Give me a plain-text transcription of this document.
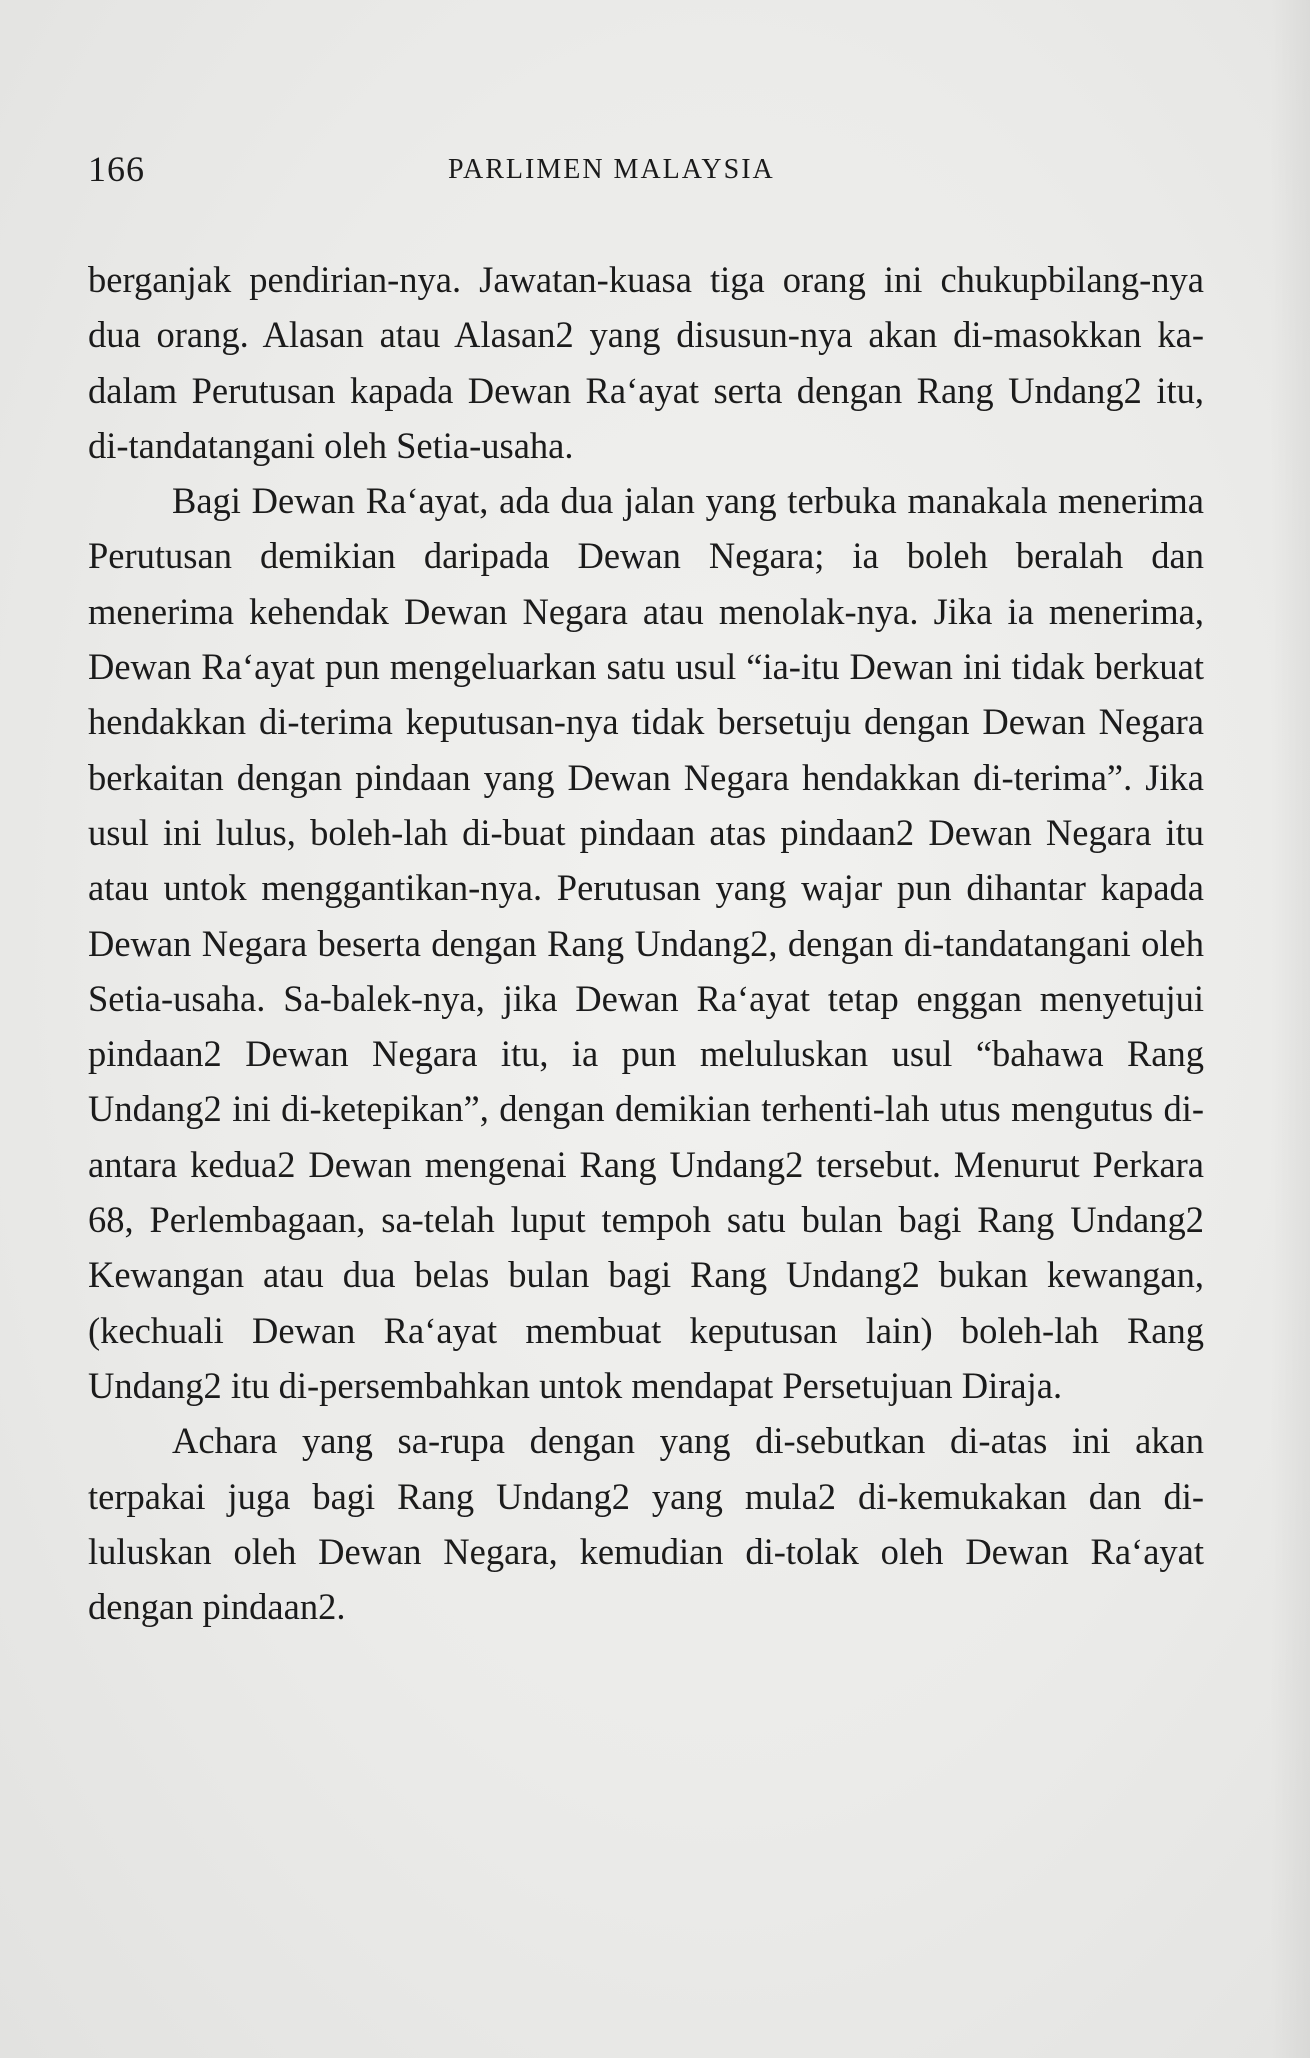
166	PARLIMEN MALAYSIA

berganjak pendirian-nya. Jawatan-kuasa tiga orang ini chukupbilang-nya dua orang. Alasan atau Alasan2 yang disusun-nya akan di-masokkan ka-dalam Perutusan kapada Dewan Ra‘ayat serta dengan Rang Undang2 itu, di-tandatangani oleh Setia-usaha.

Bagi Dewan Ra‘ayat, ada dua jalan yang terbuka manakala menerima Perutusan demikian daripada Dewan Negara; ia boleh beralah dan menerima kehendak Dewan Negara atau menolak-nya. Jika ia menerima, Dewan Ra‘ayat pun mengeluarkan satu usul “ia-itu Dewan ini tidak berkuat hendakkan di-terima keputusan-nya tidak bersetuju dengan Dewan Negara berkaitan dengan pindaan yang Dewan Negara hendakkan di-terima”. Jika usul ini lulus, boleh-lah di-buat pindaan atas pindaan2 Dewan Negara itu atau untok menggantikan-nya. Perutusan yang wajar pun dihantar kapada Dewan Negara beserta dengan Rang Undang2, dengan di-tandatangani oleh Setia-usaha. Sa-balek-nya, jika Dewan Ra‘ayat tetap enggan menyetujui pindaan2 Dewan Negara itu, ia pun meluluskan usul “bahawa Rang Undang2 ini di-ketepikan”, dengan demikian terhenti-lah utus mengutus di-antara kedua2 Dewan mengenai Rang Undang2 tersebut. Menurut Perkara 68, Perlembagaan, sa-telah luput tempoh satu bulan bagi Rang Undang2 Kewangan atau dua belas bulan bagi Rang Undang2 bukan kewangan, (kechuali Dewan Ra‘ayat membuat keputusan lain) boleh-lah Rang Undang2 itu di-persembahkan untok mendapat Persetujuan Diraja.

Achara yang sa-rupa dengan yang di-sebutkan di-atas ini akan terpakai juga bagi Rang Undang2 yang mula2 di-kemukakan dan di-luluskan oleh Dewan Negara, kemudian di-tolak oleh Dewan Ra‘ayat dengan pindaan2.
